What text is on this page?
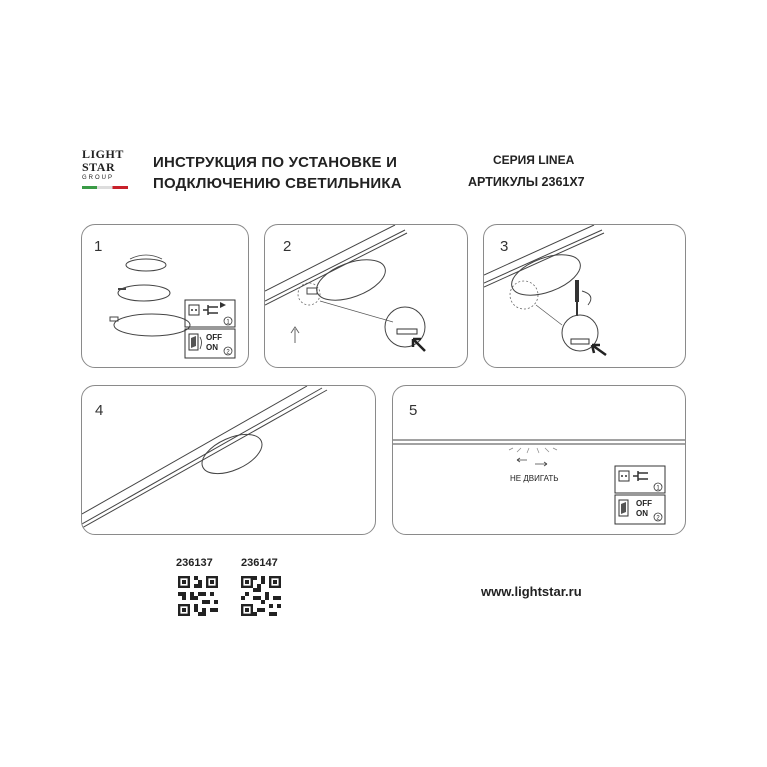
LIGHT
STAR
GROUP
ИНСТРУКЦИЯ ПО УСТАНОВКЕ И
ПОДКЛЮЧЕНИЮ СВЕТИЛЬНИКА
СЕРИЯ LINEA
АРТИКУЛЫ 2361X7
1
1
2
OFF
ON
2	3
4	5
1
2
НЕ ДВИГАТЬ
OFF
ON
236137	236147
www.lightstar.ru
